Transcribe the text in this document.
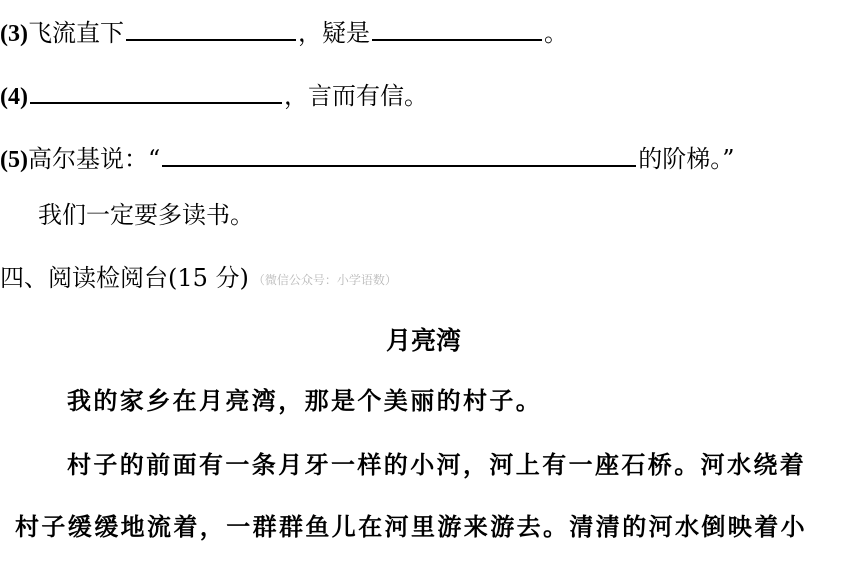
(3)飞流直下	，疑是	。
(4)	，言而有信。
(5)高尔基说：“	的阶梯。”
我们一定要多读书。
四、阅读检阅台(15 分) （微信公众号：小学语数）
月亮湾
我的家乡在月亮湾，那是个美丽的村子。
村子的前面有一条月牙一样的小河，河上有一座石桥。河水绕着
村子缓缓地流着，一群群鱼儿在河里游来游去。清清的河水倒映着小
